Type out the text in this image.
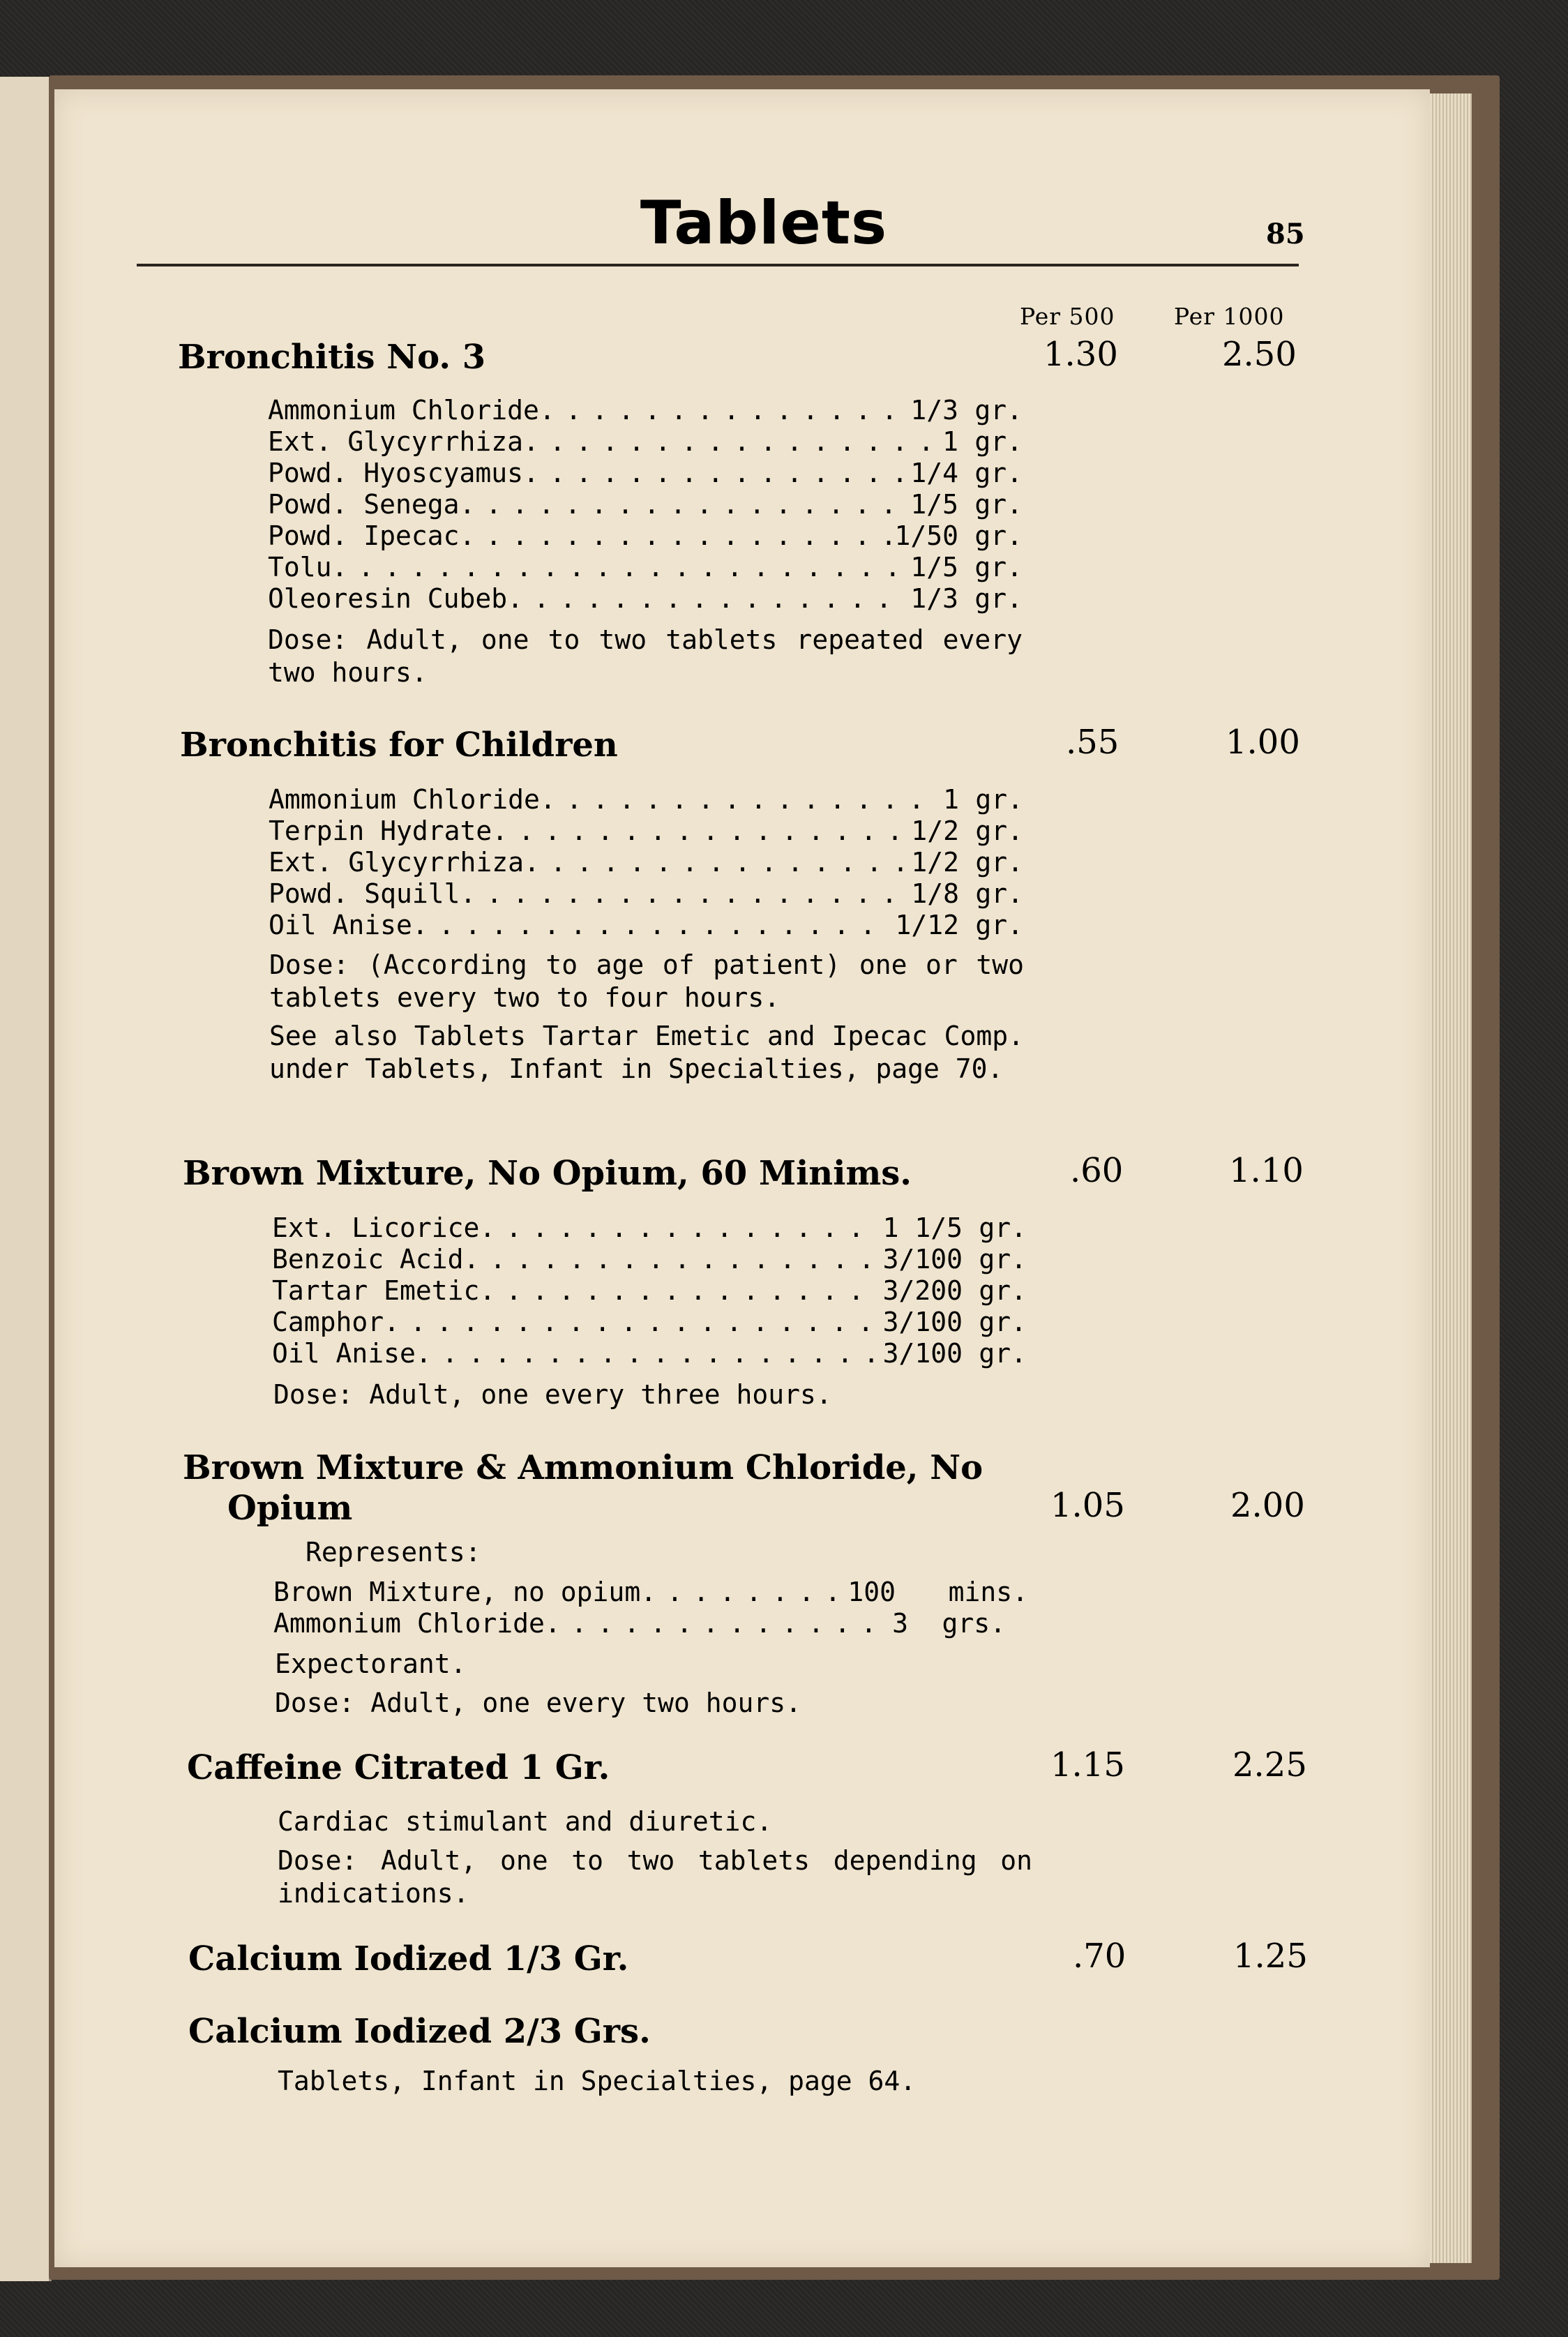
Tablets	85
Per 500	Per 1000
Bronchitis No. 3	1.30	2.50
Ammonium Chloride . . .	1/3 gr.
Ext. Glycyrrhiza . . .	1 gr.
Powd. Hyoscyamus . . .	1/4 gr.
Powd. Senega . . .	1/5 gr.
Powd. Ipecac . . .	1/50 gr.
Tolu . . .	1/5 gr.
Oleoresin Cubeb . . .	1/3 gr.

Dose: Adult, one to two tablets repeated every two hours.

Bronchitis for Children	.55	1.00
Ammonium Chloride . . .	1 gr.
Terpin Hydrate . . .	1/2 gr.
Ext. Glycyrrhiza . . .	1/2 gr.
Powd. Squill . . .	1/8 gr.
Oil Anise . . .	1/12 gr.

Dose: (According to age of patient) one or two tablets every two to four hours.

See also Tablets Tartar Emetic and Ipecac Comp. under Tablets, Infant in Specialties, page 70.

Brown Mixture, No Opium, 60 Minims.	.60	1.10
Ext. Licorice . . .	1 1/5 gr.
Benzoic Acid . . .	3/100 gr.
Tartar Emetic . . .	3/200 gr.
Camphor . . .	3/100 gr.
Oil Anise . . .	3/100 gr.

Dose: Adult, one every three hours.

Brown Mixture & Ammonium Chloride, No
Opium	1.05	2.00

Represents:

Brown Mixture, no opium . . .	100	mins.
Ammonium Chloride . . .	3	grs.

Expectorant.

Dose: Adult, one every two hours.

Caffeine Citrated 1 Gr.	1.15	2.25

Cardiac stimulant and diuretic.

Dose: Adult, one to two tablets depending on indications.

Calcium Iodized 1/3 Gr.	.70	1.25
Calcium Iodized 2/3 Grs.

Tablets, Infant in Specialties, page 64.
